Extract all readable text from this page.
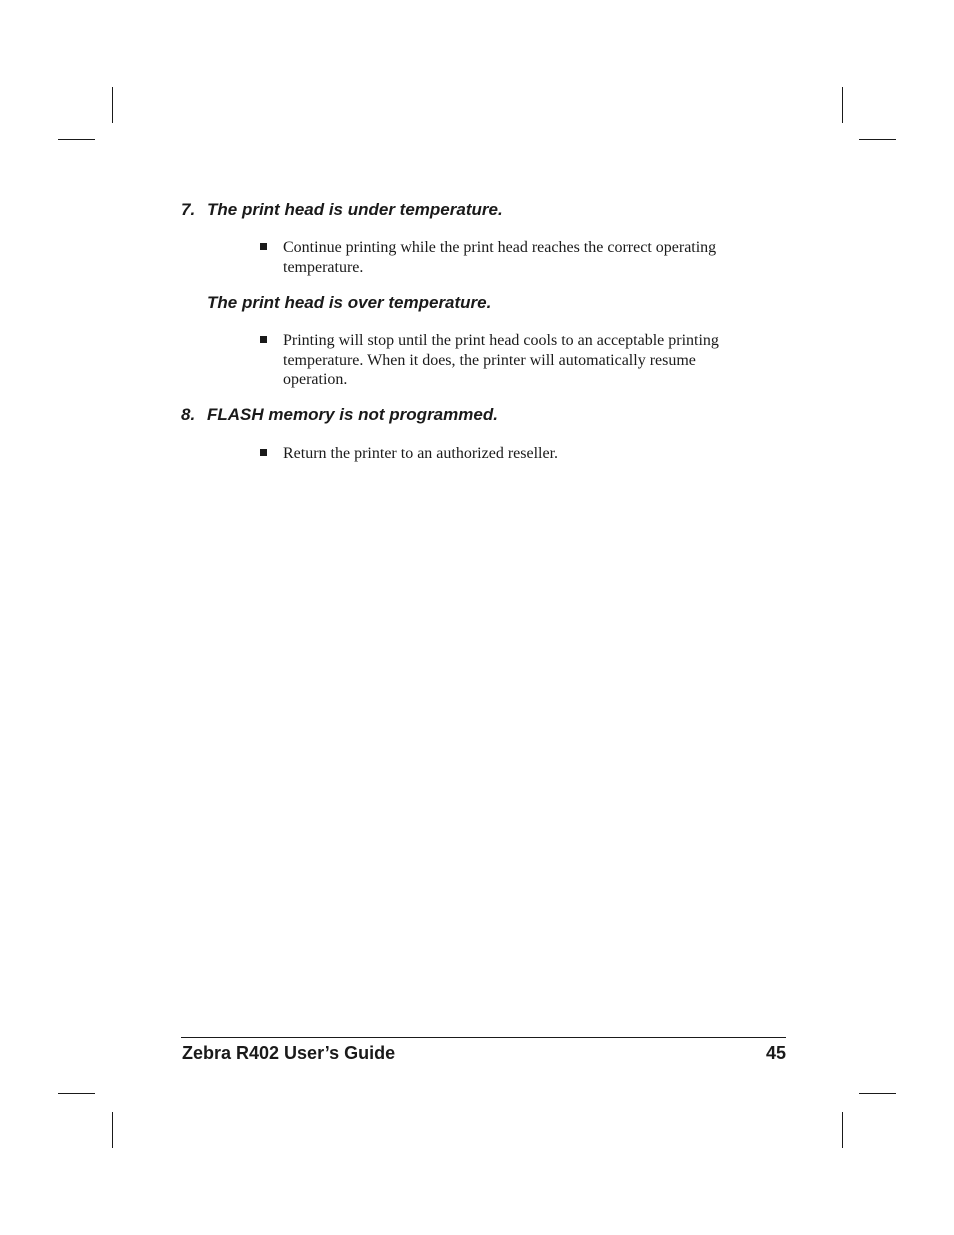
7. The print head is under temperature.
Continue printing while the print head reaches the correct operating
temperature.
The print head is over temperature.
Printing will stop until the print head cools to an acceptable printing
temperature. When it does, the printer will automatically resume
operation.
8. FLASH memory is not programmed.
Return the printer to an authorized reseller.
Zebra R402 User’s Guide	45
